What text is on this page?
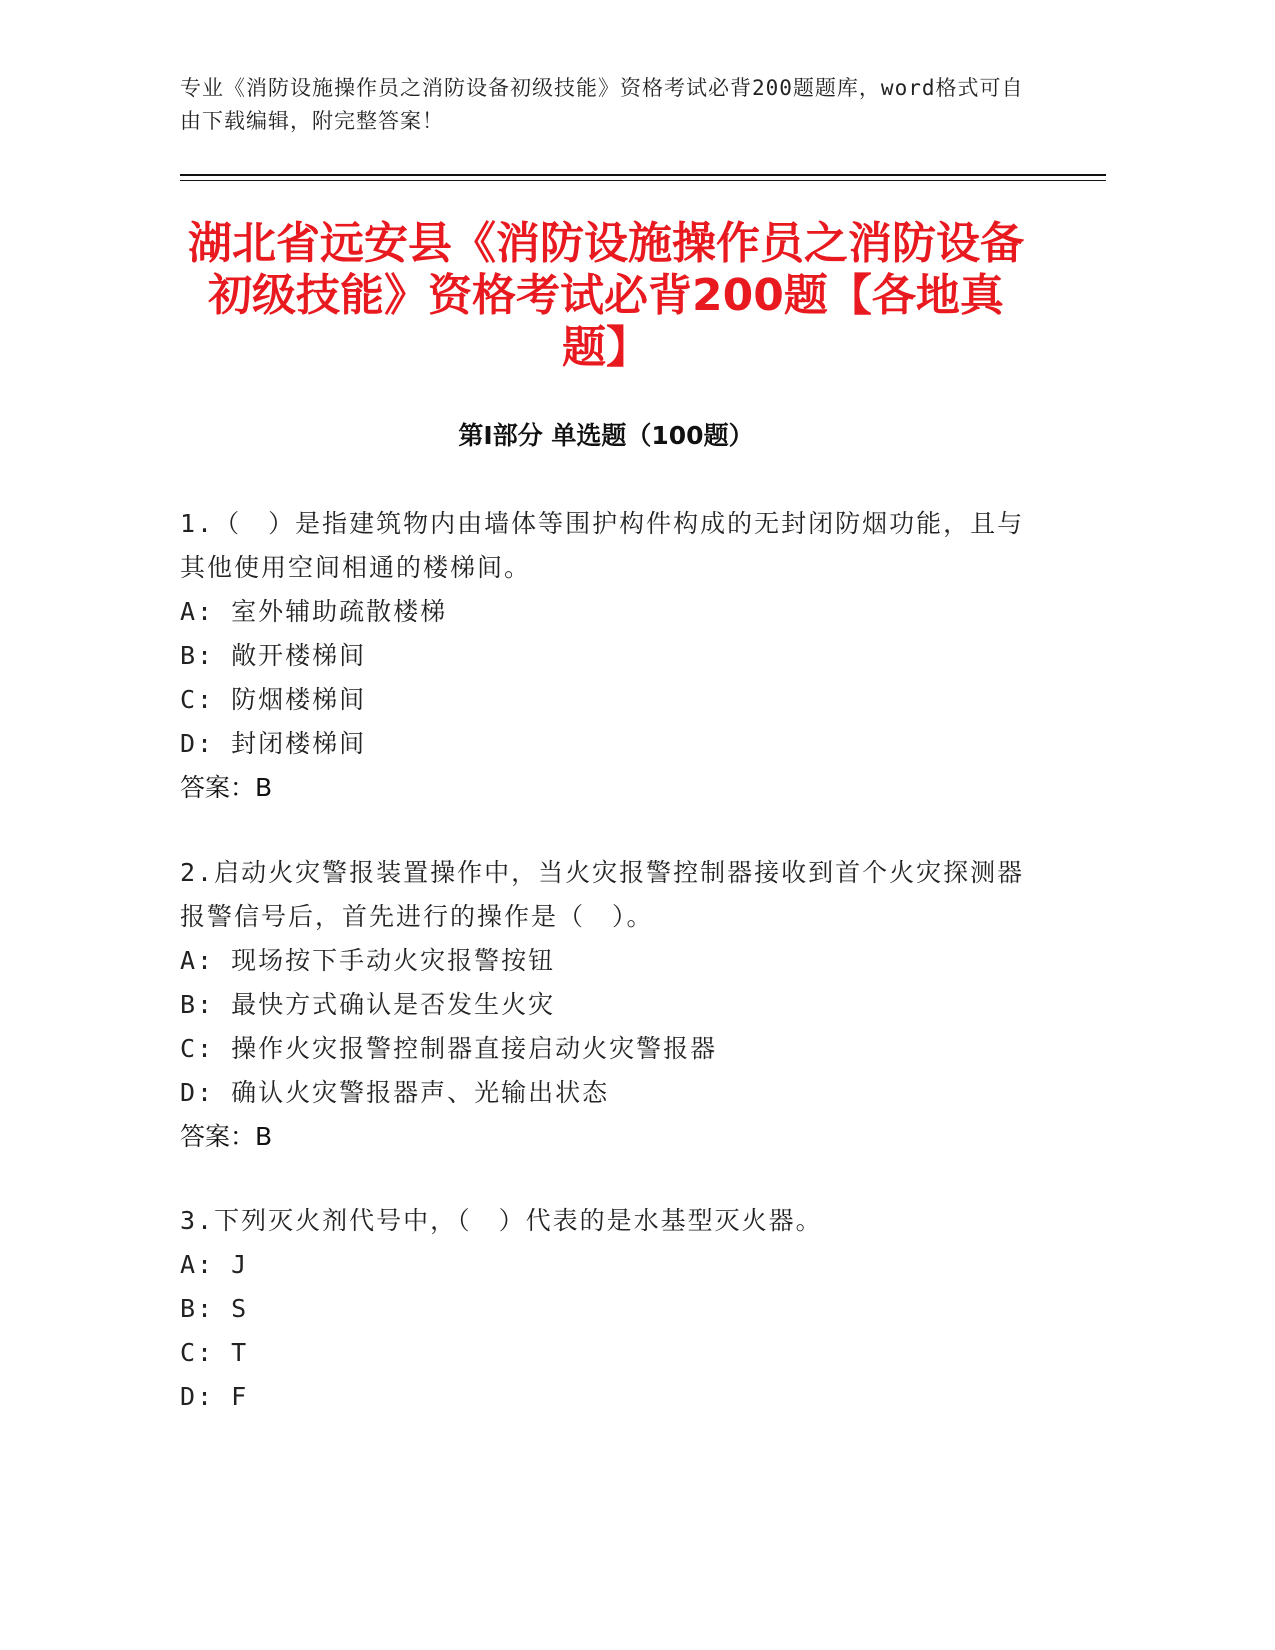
专业《消防设施操作员之消防设备初级技能》资格考试必背200题题库，word格式可自由下载编辑，附完整答案！
湖北省远安县《消防设施操作员之消防设备初级技能》资格考试必背200题【各地真题】
第Ⅰ部分 单选题（100题）

1.（　）是指建筑物内由墙体等围护构件构成的无封闭防烟功能，且与其他使用空间相通的楼梯间。

A: 室外辅助疏散楼梯

B: 敞开楼梯间

C: 防烟楼梯间

D: 封闭楼梯间

答案：B

2.启动火灾警报装置操作中，当火灾报警控制器接收到首个火灾探测器报警信号后，首先进行的操作是（　）。

A: 现场按下手动火灾报警按钮

B: 最快方式确认是否发生火灾

C: 操作火灾报警控制器直接启动火灾警报器

D: 确认火灾警报器声、光输出状态

答案：B

3.下列灭火剂代号中，（　）代表的是水基型灭火器。

A: J

B: S

C: T

D: F
